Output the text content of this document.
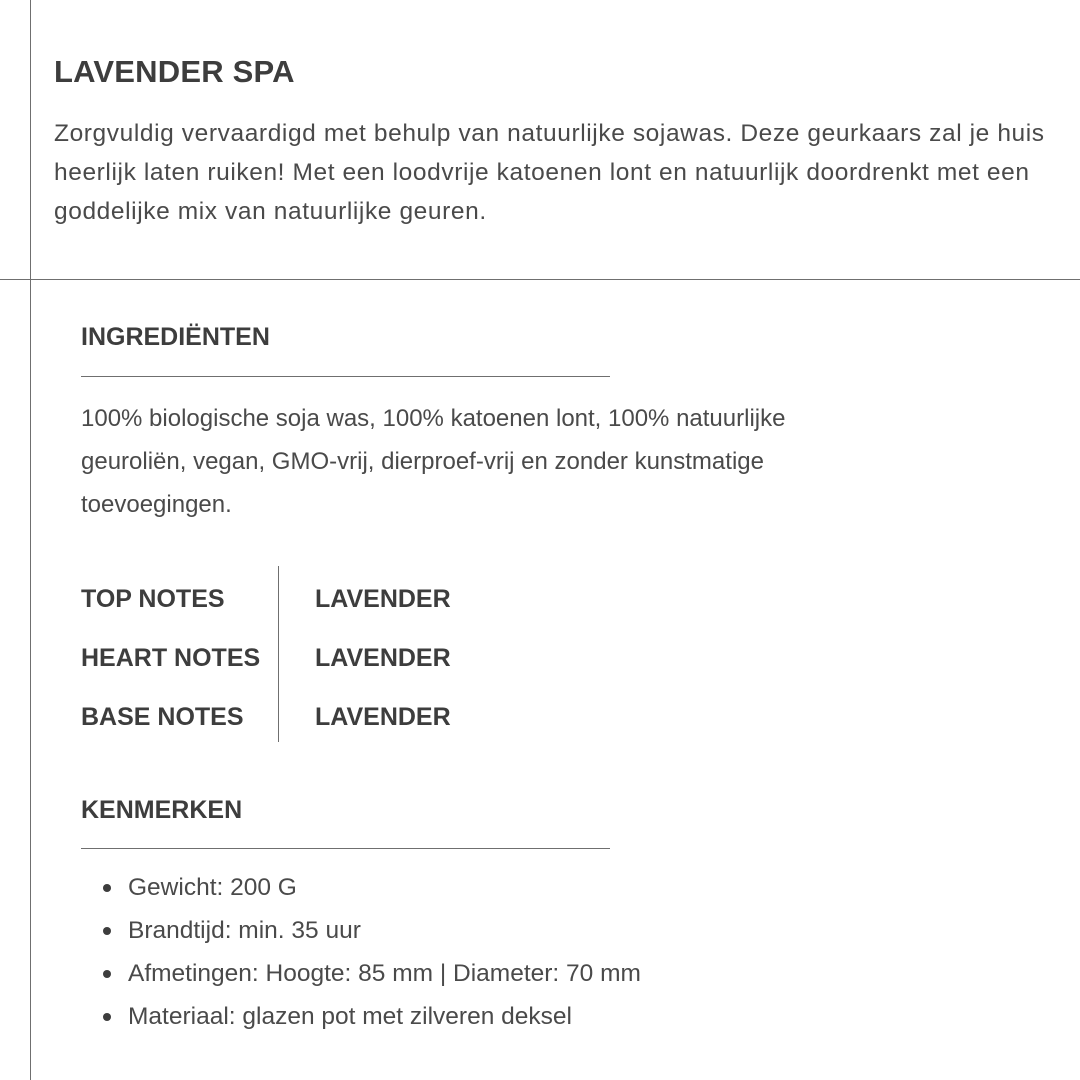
LAVENDER SPA

Zorgvuldig vervaardigd met behulp van natuurlijke sojawas. Deze geurkaars zal je huis heerlijk laten ruiken! Met een loodvrije katoenen lont en natuurlijk doordrenkt met een goddelijke mix van natuurlijke geuren.

INGREDIËNTEN

100% biologische soja was, 100% katoenen lont, 100% natuurlijke geuroliën, vegan, GMO-vrij, dierproef-vrij en zonder kunstmatige toevoegingen.

TOP NOTES	LAVENDER
HEART NOTES LAVENDER
BASE NOTES	LAVENDER
KENMERKEN
Gewicht: 200 G
Brandtijd: min. 35 uur
Afmetingen: Hoogte: 85 mm | Diameter: 70 mm
Materiaal: glazen pot met zilveren deksel
